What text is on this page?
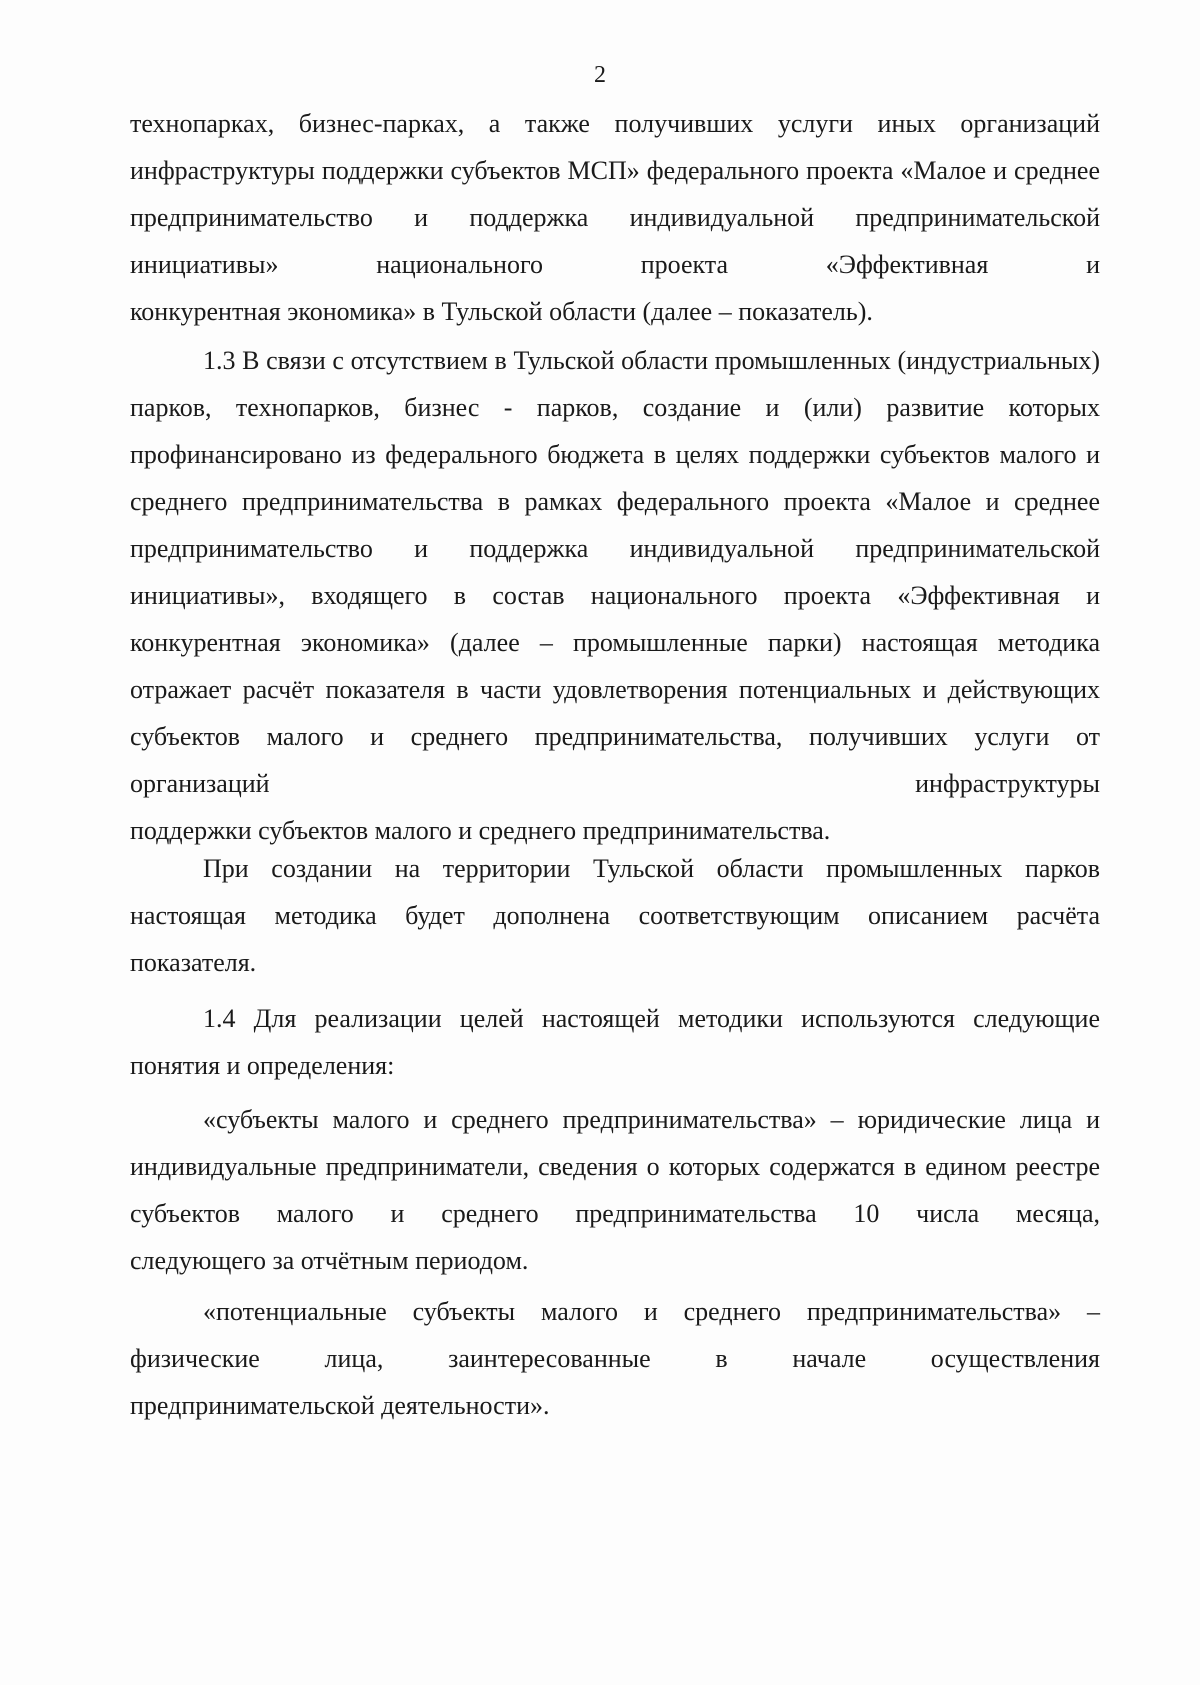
2

технопарках, бизнес-парках, а также получивших услуги иных организаций инфраструктуры поддержки субъектов МСП» федерального проекта «Малое и среднее предпринимательство и поддержка индивидуальной предпринимательской инициативы» национального проекта «Эффективная и

конкурентная экономика» в Тульской области (далее – показатель).

1.3 В связи с отсутствием в Тульской области промышленных (индустриальных) парков, технопарков, бизнес - парков, создание и (или) развитие которых профинансировано из федерального бюджета в целях поддержки субъектов малого и среднего предпринимательства в рамках федерального проекта «Малое и среднее предпринимательство и поддержка индивидуальной предпринимательской инициативы», входящего в состав национального проекта «Эффективная и конкурентная экономика» (далее – промышленные парки) настоящая методика отражает расчёт показателя в части удовлетворения потенциальных и действующих субъектов малого и среднего предпринимательства, получивших услуги от организаций инфраструктуры

поддержки субъектов малого и среднего предпринимательства.

При создании на территории Тульской области промышленных парков настоящая методика будет дополнена соответствующим описанием расчёта

показателя.

1.4 Для реализации целей настоящей методики используются следующие

понятия и определения:

«субъекты малого и среднего предпринимательства» – юридические лица и индивидуальные предприниматели, сведения о которых содержатся в едином реестре субъектов малого и среднего предпринимательства 10 числа месяца,

следующего за отчётным периодом.

«потенциальные субъекты малого и среднего предпринимательства» – физические лица, заинтересованные в начале осуществления

предпринимательской деятельности».
